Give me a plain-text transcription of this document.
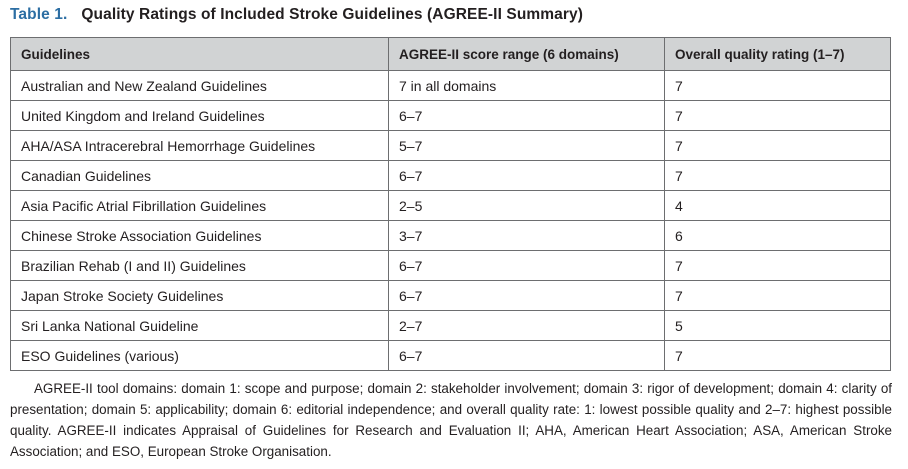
Table 1. Quality Ratings of Included Stroke Guidelines (AGREE-II Summary)
Guidelines	AGREE-II score range (6 domains)	Overall quality rating (1–7)
Australian and New Zealand Guidelines	7 in all domains	7
United Kingdom and Ireland Guidelines	6–7	7
AHA/ASA Intracerebral Hemorrhage Guidelines	5–7	7
Canadian Guidelines	6–7	7
Asia Pacific Atrial Fibrillation Guidelines	2–5	4
Chinese Stroke Association Guidelines	3–7	6
Brazilian Rehab (I and II) Guidelines	6–7	7
Japan Stroke Society Guidelines	6–7	7
Sri Lanka National Guideline	2–7	5
ESO Guidelines (various)	6–7	7
AGREE-II tool domains: domain 1: scope and purpose; domain 2: stakeholder involvement; domain 3: rigor of development; domain 4: clarity of presentation; domain 5: applicability; domain 6: editorial independence; and overall quality rate: 1: lowest possible quality and 2–7: highest possible quality. AGREE-II indicates Appraisal of Guidelines for Research and Evaluation II; AHA, American Heart Association; ASA, American Stroke Association; and ESO, European Stroke Organisation.
